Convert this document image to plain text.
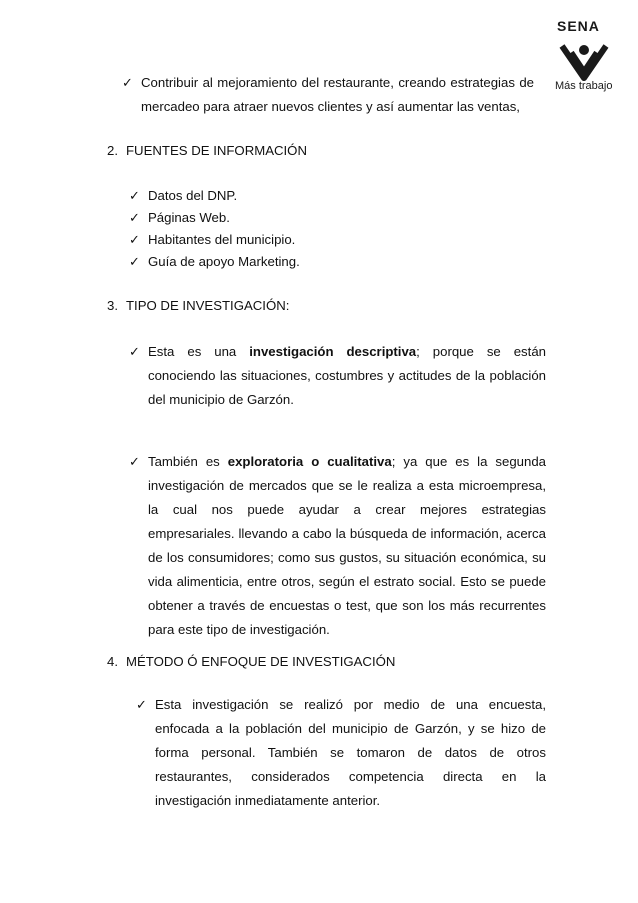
SENA
Más trabajo
✓ Contribuir al mejoramiento del restaurante, creando estrategias de mercadeo para atraer nuevos clientes y así aumentar las ventas,
2. FUENTES DE INFORMACIÓN
✓ Datos del DNP.
✓ Páginas Web.
✓ Habitantes del municipio.
✓ Guía de apoyo Marketing.
3. TIPO DE INVESTIGACIÓN:
✓ Esta es una investigación descriptiva; porque se están conociendo las situaciones, costumbres y actitudes de la población del municipio de Garzón.
✓ También es exploratoria o cualitativa; ya que es la segunda investigación de mercados que se le realiza a esta microempresa, la cual nos puede ayudar a crear mejores estrategias empresariales. llevando a cabo la búsqueda de información, acerca de los consumidores; como sus gustos, su situación económica, su vida alimenticia, entre otros, según el estrato social. Esto se puede obtener a través de encuestas o test, que son los más recurrentes para este tipo de investigación.
4. MÉTODO Ó ENFOQUE DE INVESTIGACIÓN
✓ Esta investigación se realizó por medio de una encuesta, enfocada a la población del municipio de Garzón, y se hizo de forma personal. También se tomaron de datos de otros restaurantes, considerados competencia directa en la investigación inmediatamente anterior.
